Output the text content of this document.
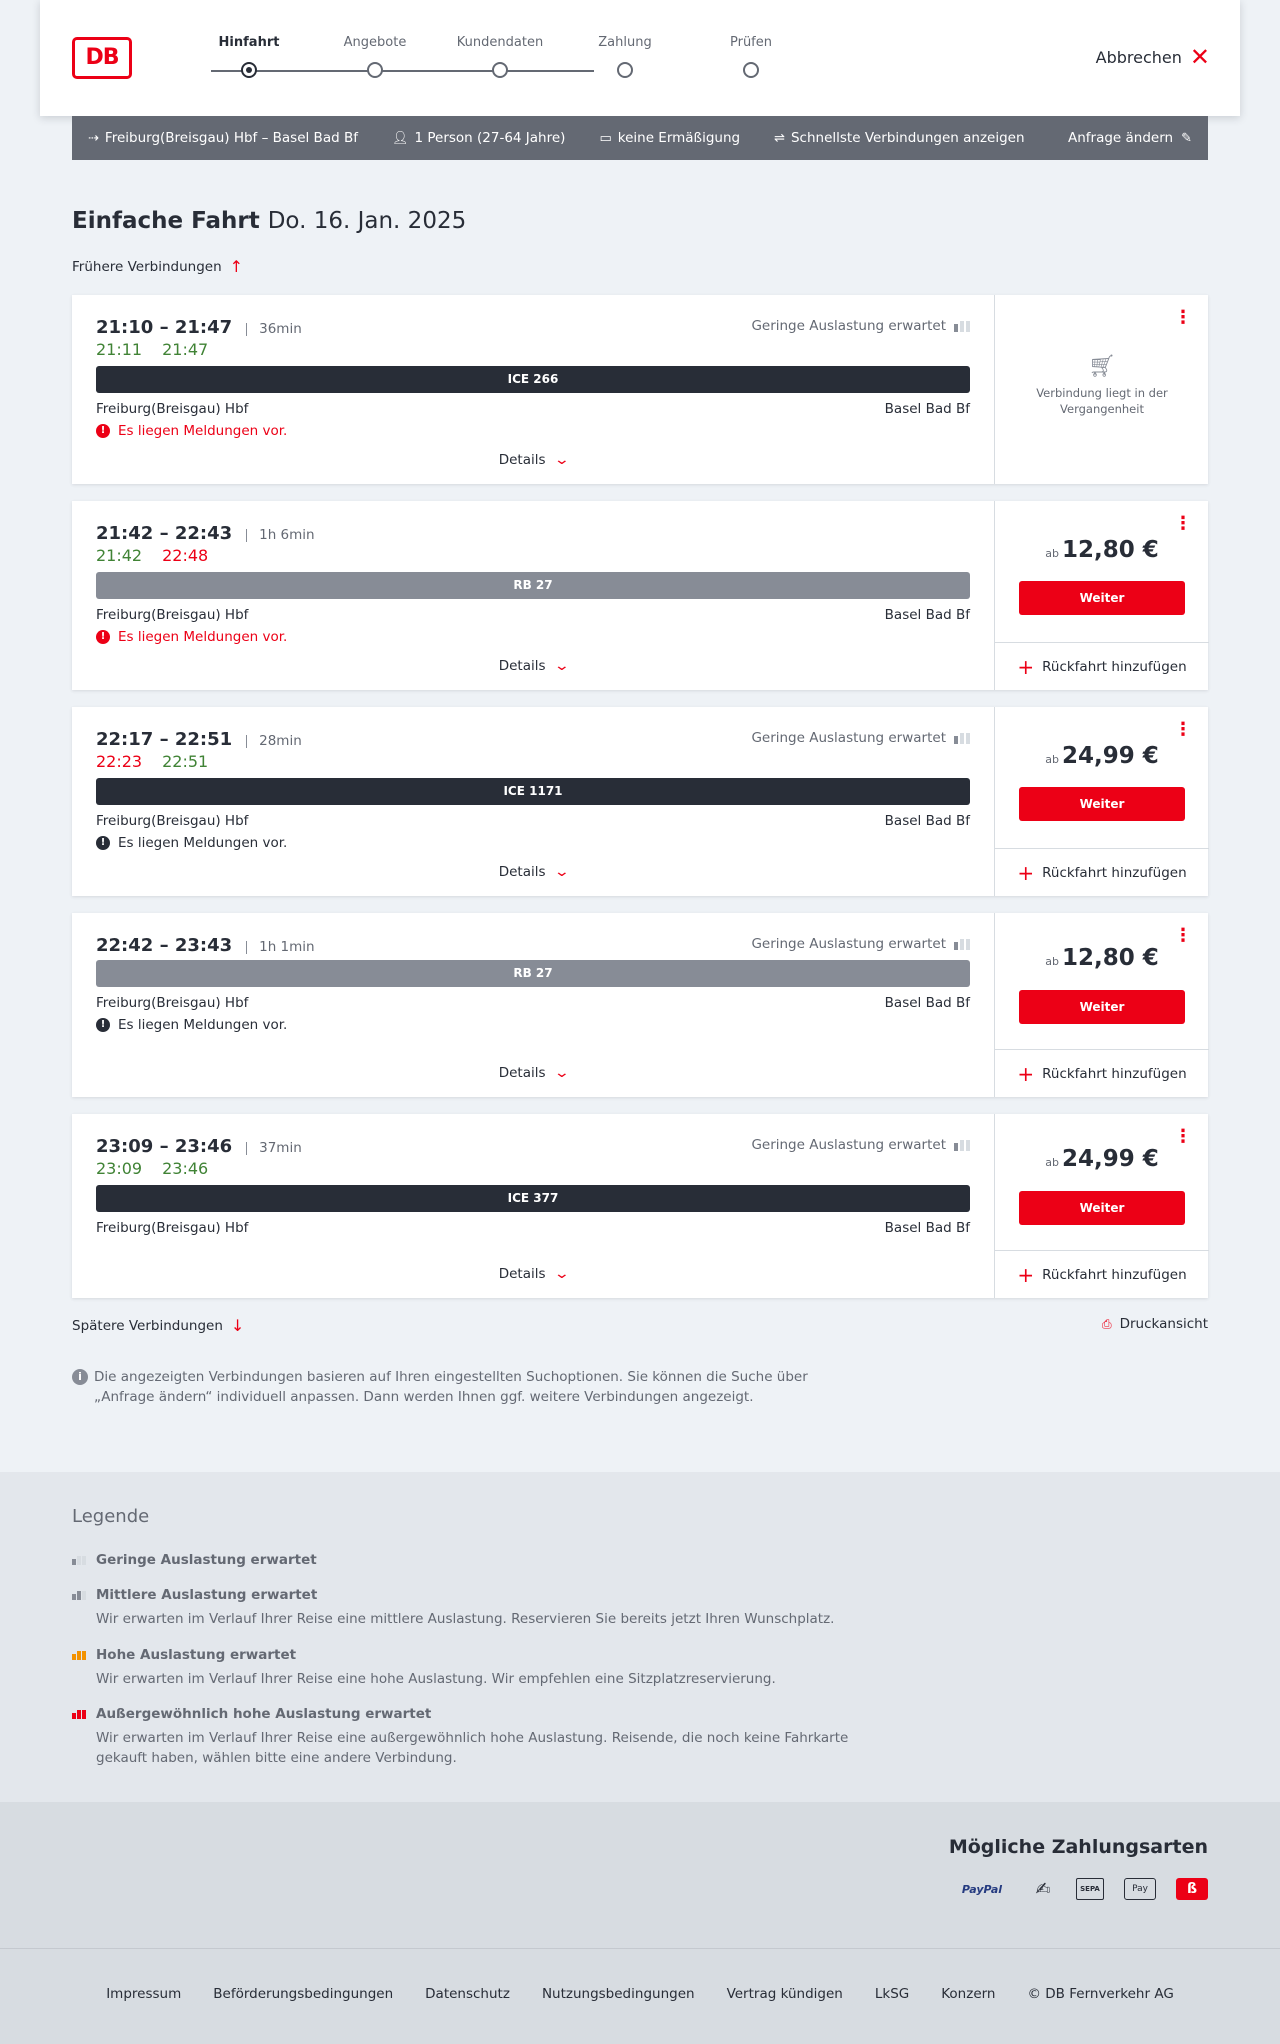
DB
Hinfahrt	Angebote	Kundendaten	Zahlung	Prüfen
Abbrechen ✕
⇢ Freiburg(Breisgau) Hbf – Basel Bad Bf	👤︎ 1 Person (27-64 Jahre)	▭ keine Ermäßigung	⇌ Schnellste Verbindungen anzeigen	Anfrage ändern ✎
Einfache Fahrt Do. 16. Jan. 2025
Frühere Verbindungen ↑
21:10 – 21:47	36min
21:11 21:47
Geringe Auslastung erwartet
ICE 266
Freiburg(Breisgau) Hbf	Basel Bad Bf
! Es liegen Meldungen vor.
Details ⌄
⋮
🛒︎
Verbindung liegt in der Vergangenheit
21:42 – 22:43	1h 6min
21:42 22:48
RB 27
Freiburg(Breisgau) Hbf	Basel Bad Bf
! Es liegen Meldungen vor.
Details ⌄
⋮
ab 12,80 €
Weiter
+ Rückfahrt hinzufügen
22:17 – 22:51	28min
22:23 22:51
Geringe Auslastung erwartet
ICE 1171
Freiburg(Breisgau) Hbf	Basel Bad Bf
! Es liegen Meldungen vor.
Details ⌄
⋮
ab 24,99 €
Weiter
+ Rückfahrt hinzufügen
22:42 – 23:43	1h 1min	Geringe Auslastung erwartet
RB 27
Freiburg(Breisgau) Hbf	Basel Bad Bf
! Es liegen Meldungen vor.
Details ⌄
⋮
ab 12,80 €
Weiter
+ Rückfahrt hinzufügen
23:09 – 23:46	37min
23:09 23:46
Geringe Auslastung erwartet
ICE 377
Freiburg(Breisgau) Hbf	Basel Bad Bf
Details ⌄
⋮
ab 24,99 €
Weiter
+ Rückfahrt hinzufügen
Spätere Verbindungen ↓	⎙ Druckansicht
i Die angezeigten Verbindungen basieren auf Ihren eingestellten Suchoptionen. Sie können die Suche über „Anfrage ändern“ individuell anpassen. Dann werden Ihnen ggf. weitere Verbindungen angezeigt.
Legende
Geringe Auslastung erwartet
Mittlere Auslastung erwartet
Wir erwarten im Verlauf Ihrer Reise eine mittlere Auslastung. Reservieren Sie bereits jetzt Ihren Wunschplatz.
Hohe Auslastung erwartet
Wir erwarten im Verlauf Ihrer Reise eine hohe Auslastung. Wir empfehlen eine Sitzplatzreservierung.
Außergewöhnlich hohe Auslastung erwartet
Wir erwarten im Verlauf Ihrer Reise eine außergewöhnlich hohe Auslastung. Reisende, die noch keine Fahrkarte gekauft haben, wählen bitte eine andere Verbindung.
Mögliche Zahlungsarten
PayPal	✍	SEPA	Pay	ß
Impressum Beförderungsbedingungen Datenschutz Nutzungsbedingungen Vertrag kündigen LkSG Konzern © DB Fernverkehr AG
